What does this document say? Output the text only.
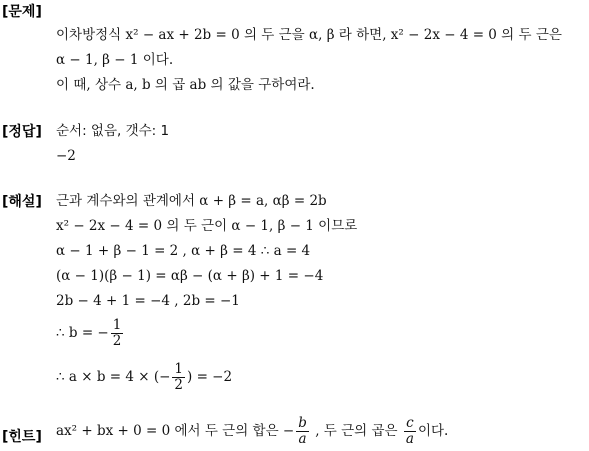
[문제]
이차방정식 x² − ax + 2b = 0 의 두 근을 α, β 라 하면, x² − 2x − 4 = 0 의 두 근은
α − 1, β − 1 이다.
이 때, 상수 a, b 의 곱 ab 의 값을 구하여라.
[정답] 순서: 없음, 갯수: 1
−2
[해설] 근과 계수와의 관계에서 α + β = a, αβ = 2b
x² − 2x − 4 = 0 의 두 근이 α − 1, β − 1 이므로
α − 1 + β − 1 = 2 , α + β = 4 ∴ a = 4
(α − 1)(β − 1) = αβ − (α + β) + 1 = −4
2b − 4 + 1 = −4 , 2b = −1
∴ b = − $\frac{1}{2}$
∴ a × b = 4 × (− $\frac{1}{2}$ ) = −2
[힌트] ax² + bx + 0 = 0 에서 두 근의 합은 − $\frac{b}{a}$ , 두 근의 곱은 $\frac{c}{a}$ 이다.
